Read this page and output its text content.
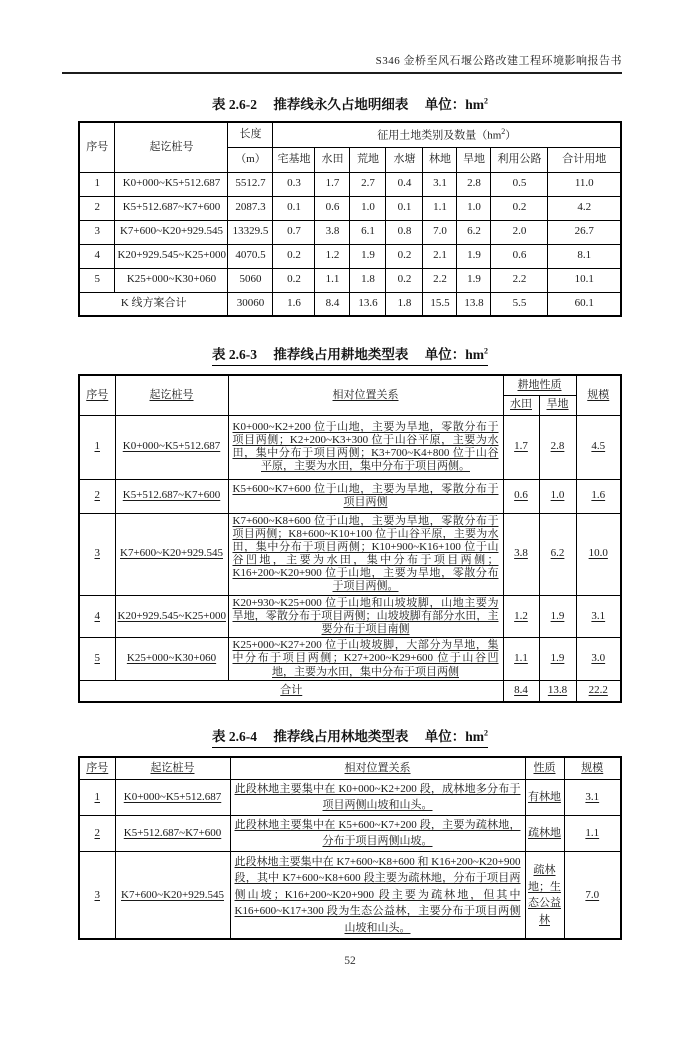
S346 金桥至风石堰公路改建工程环境影响报告书
表 2.6-2 推荐线永久占地明细表 单位：$hm^2$
序号	起讫桩号	长度	征用土地类别及数量$(hm^2)$							
		（m）	宅基地	水田	荒地	水塘	林地	旱地	利用公路	合计用地
1	K0+000~K5+512.687	5512.7	0.3	1.7	2.7	0.4	3.1	2.8	0.5	11.0
2	K5+512.687~K7+600	2087.3	0.1	0.6	1.0	0.1	1.1	1.0	0.2	4.2
3	K7+600~K20+929.545	13329.5	0.7	3.8	6.1	0.8	7.0	6.2	2.0	26.7
4	K20+929.545~K25+000	4070.5	0.2	1.2	1.9	0.2	2.1	1.9	0.6	8.1
5	K25+000~K30+060	5060	0.2	1.1	1.8	0.2	2.2	1.9	2.2	10.1
K 线方案合计		30060	1.6	8.4	13.6	1.8	15.5	13.8	5.5	60.1
表 2.6-3 推荐线占用耕地类型表 单位：$hm^2$
序号	起讫桩号	相对位置关系	耕地性质		规模
			水田	旱地	
1	K0+000~K5+512.687	K0+000~K2+200 位于山地，主要为旱地，零散分布于项目两侧；K2+200~K3+300 位于山谷平原，主要为水田，集中分布于项目两侧；K3+700~K4+800 位于山谷平原，主要为水田，集中分布于项目两侧。	1.7	2.8	4.5
2	K5+512.687~K7+600	K5+600~K7+600 位于山地，主要为旱地，零散分布于项目两侧	0.6	1.0	1.6
3	K7+600~K20+929.545	K7+600~K8+600 位于山地，主要为旱地，零散分布于项目两侧；K8+600~K10+100 位于山谷平原，主要为水田，集中分布于项目两侧；K10+900~K16+100 位于山谷凹地，主要为水田，集中分布于项目两侧；K16+200~K20+900 位于山地，主要为旱地，零散分布于项目两侧。	3.8	6.2	10.0
4	K20+929.545~K25+000	K20+930~K25+000 位于山地和山坡坡脚，山地主要为旱地，零散分布于项目两侧；山坡坡脚有部分水田，主要分布于项目南侧	1.2	1.9	3.1
5	K25+000~K30+060	K25+000~K27+200 位于山坡坡脚，大部分为旱地，集中分布于项目两侧；K27+200~K29+600 位于山谷凹地，主要为水田，集中分布于项目两侧	1.1	1.9	3.0
合计			8.4	13.8	22.2
表 2.6-4 推荐线占用林地类型表 单位：$hm^2$
序号	起讫桩号	相对位置关系	性质	规模
1	K0+000~K5+512.687	此段林地主要集中在 K0+000~K2+200 段，成林地多分布于项目两侧山坡和山头。	有林地	3.1
2	K5+512.687~K7+600	此段林地主要集中在 K5+600~K7+200 段，主要为疏林地，分布于项目两侧山坡。	疏林地	1.1
3	K7+600~K20+929.545	此段林地主要集中在 K7+600~K8+600 和 K16+200~K20+900 段，其中 K7+600~K8+600 段主要为疏林地，分布于项目两侧山坡；K16+200~K20+900 段主要为疏林地，但其中 K16+600~K17+300 段为生态公益林，主要分布于项目两侧山坡和山头。	疏林地；生态公益林	7.0
52
